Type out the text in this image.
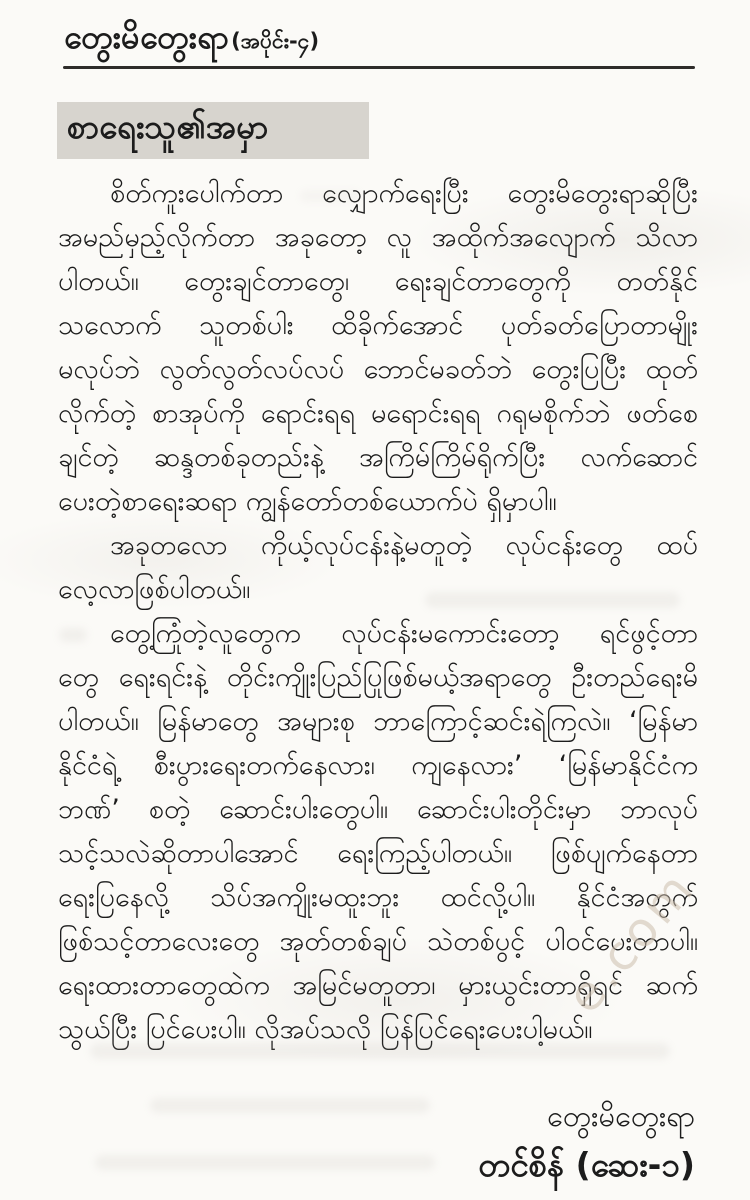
တွေးမိတွေးရာ(အပိုင်း-၄)
စာရေးသူ၏အမှာ
စိတ်ကူးပေါက်တာ လျှောက်ရေးပြီး တွေးမိတွေးရာဆိုပြီး
အမည်မှည့်လိုက်တာ အခုတော့ လူ အထိုက်အလျောက် သိလာ
ပါတယ်။ တွေးချင်တာတွေ၊ ရေးချင်တာတွေကို တတ်နိုင်
သလောက် သူတစ်ပါး ထိခိုက်အောင် ပုတ်ခတ်ပြောတာမျိုး
မလုပ်ဘဲ လွတ်လွတ်လပ်လပ် ဘောင်မခတ်ဘဲ တွေးပြပြီး ထုတ်
လိုက်တဲ့ စာအုပ်ကို ရောင်းရရ မရောင်းရရ ဂရုမစိုက်ဘဲ ဖတ်စေ
ချင်တဲ့ ဆန္ဒတစ်ခုတည်းနဲ့ အကြိမ်ကြိမ်ရိုက်ပြီး လက်ဆောင်
ပေးတဲ့စာရေးဆရာ ကျွန်တော်တစ်ယောက်ပဲ ရှိမှာပါ။
အခုတလော ကိုယ့်လုပ်ငန်းနဲ့မတူတဲ့ လုပ်ငန်းတွေ ထပ်
လေ့လာဖြစ်ပါတယ်။
တွေ့ကြုံတဲ့လူတွေက လုပ်ငန်းမကောင်းတော့ ရင်ဖွင့်တာ
တွေ ရေးရင်းနဲ့ တိုင်းကျိုးပြည်ပြုဖြစ်မယ့်အရာတွေ ဦးတည်ရေးမိ
ပါတယ်။ မြန်မာတွေ အများစု ဘာကြောင့်ဆင်းရဲကြလဲ။ ‘မြန်မာ
နိုင်ငံရဲ့ စီးပွားရေးတက်နေလား၊ ကျနေလား’ ‘မြန်မာနိုင်ငံက
ဘဏ်’ စတဲ့ ဆောင်းပါးတွေပါ။ ဆောင်းပါးတိုင်းမှာ ဘာလုပ်
သင့်သလဲဆိုတာပါအောင် ရေးကြည့်ပါတယ်။ ဖြစ်ပျက်နေတာ
ရေးပြနေလို့ သိပ်အကျိုးမထူးဘူး ထင်လို့ပါ။ နိုင်ငံအတွက်
ဖြစ်သင့်တာလေးတွေ အုတ်တစ်ချပ် သဲတစ်ပွင့် ပါဝင်ပေးတာပါ။
ရေးထားတာတွေထဲက အမြင်မတူတာ၊ မှားယွင်းတာရှိရင် ဆက်
သွယ်ပြီး ပြင်ပေးပါ။ လိုအပ်သလို ပြန်ပြင်ရေးပေးပါ့မယ်။
တွေးမိတွေးရာ
တင်စိန် (ဆေး-၁)
e.com
